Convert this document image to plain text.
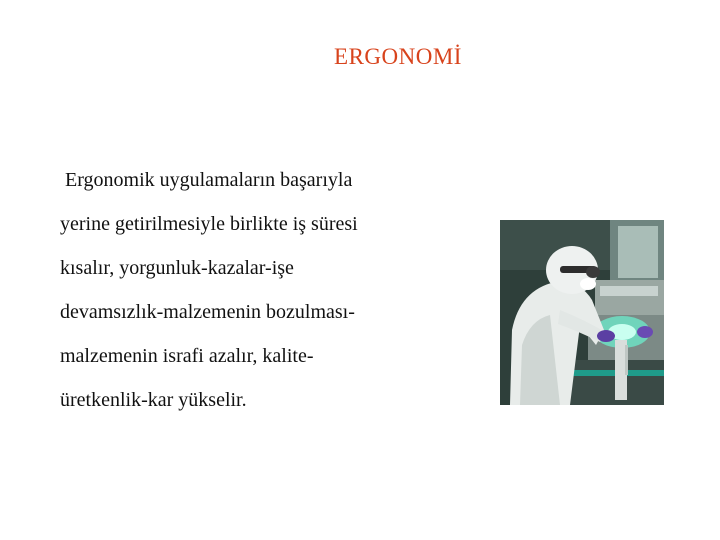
ERGONOMİ
Ergonomik uygulamaların başarıyla
yerine getirilmesiyle birlikte iş süresi
kısalır, yorgunluk-kazalar-işe
devamsızlık-malzemenin bozulması-
malzemenin israfi azalır, kalite-
üretkenlik-kar yükselir.
